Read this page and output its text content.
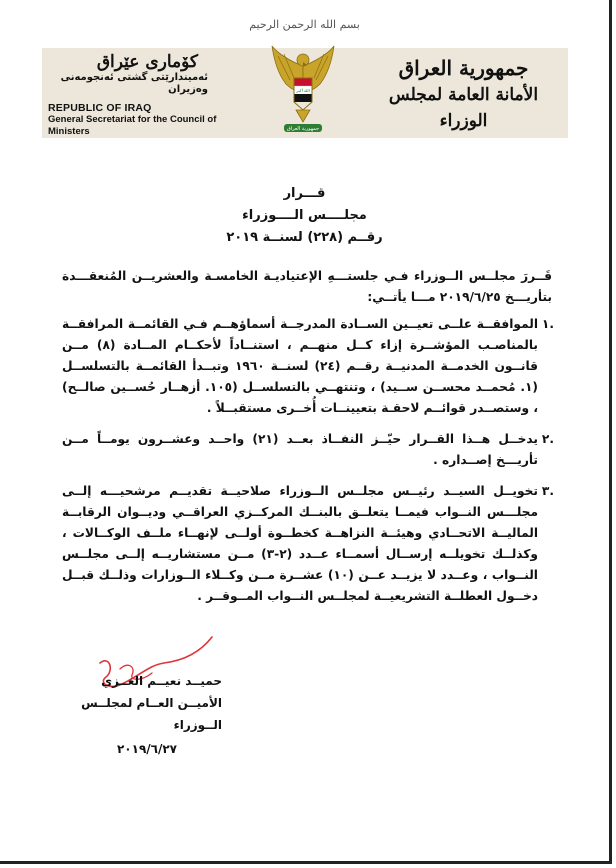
بسم الله الرحمن الرحيم
كۆماری عێراق
ئەمیندارێتی گشتی ئەنجومەنی وەزیران
REPUBLIC OF IRAQ
General Secretariat for the Council of Ministers
الله أكبر
جمهورية العراق
جمهورية العراق
الأمانة العامة لمجلس الوزراء
قـــرار
مجلــــس الــــوزراء
رقــم (٢٢٨) لسنــة ٢٠١٩

قَــررَ مجلــس الــوزراء فـي جلستـــهِ الإعتياديـة الخامسـة والعشريــن المُنعقـــدة بتأريـــخ ٢٠١٩/٦/٢٥ مـــا يأتــي:

.١
الموافقــة علــى تعيــين الســادة المدرجــة أسماؤهــم فـي القائمــة المرافقــة بالمناصـب المؤشــرة إزاء كــل منهــم ، استنــاداً لأحكــام المــادة (٨) مــن قانــون الخدمــة المدنيــة رقــم (٢٤) لسنــة ١٩٦٠ وتبــدأ القائمــة بالتسلســل (١. مُحمــد محســن ســيد) ، وتنتهــي بالتسلســل (١٠٥. أزهــار حُســين صالــح) ، وستصــدر قوائــم لاحقـة بتعيينــات أُخــرى مستقبــلاً .
.٢
يدخــل هــذا القــرار حيّــز النفــاذ بعــد (٢١) واحــد وعشــرون يومــاً مــن تأريـــخ إصــداره .
.٣
تخويــل السيــد رئيــس مجلــس الــوزراء صلاحيــة تقديــم مرشحيـــه إلــى مجلـــس النــواب فيمــا يتعلــق بالبنــك المركــزي العراقــي وديــوان الرقابــة الماليــة الاتحــادي وهيئــة النزاهــة كخطــوة أولــى لإنهــاء ملــف الوكــالات ، وكذلــك تخويلــه إرســال أسمــاء عــدد (٢-٣) مــن مستشاريــه إلــى مجلــس النــواب ، وعــدد لا يزيــد عــن (١٠) عشــرة مــن وكــلاء الــوزارات وذلــك قبــل دخــول العطلــة التشريعيــة لمجلــس النــواب المــوقــر .
حميــد نعيــم الغــزي
الأميــن العــام لمجلــس الــوزراء
٢٠١٩/٦/٢٧
